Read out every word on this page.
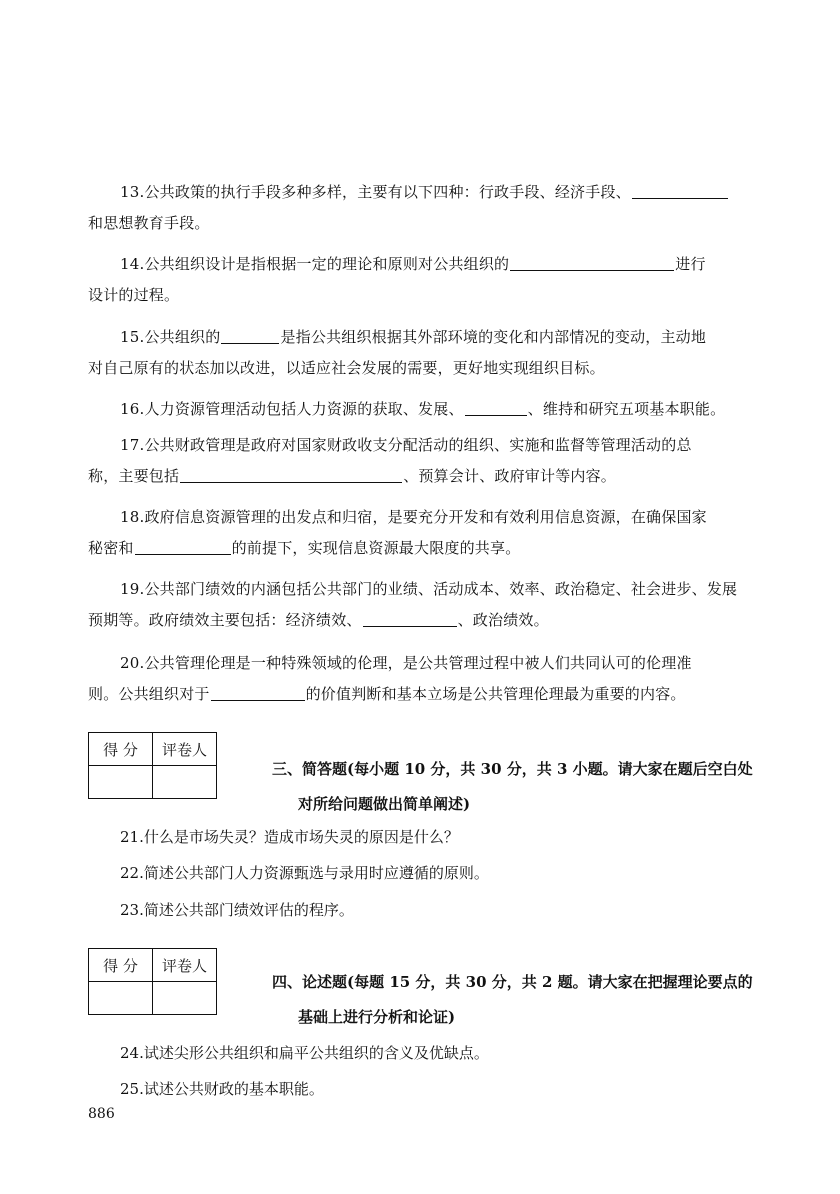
13.公共政策的执行手段多种多样，主要有以下四种：行政手段、经济手段、
和思想教育手段。
14.公共组织设计是指根据一定的理论和原则对公共组织的	进行
设计的过程。
15.公共组织的	是指公共组织根据其外部环境的变化和内部情况的变动，主动地
对自己原有的状态加以改进，以适应社会发展的需要，更好地实现组织目标。
16.人力资源管理活动包括人力资源的获取、发展、	、维持和研究五项基本职能。
17.公共财政管理是政府对国家财政收支分配活动的组织、实施和监督等管理活动的总
称，主要包括	、预算会计、政府审计等内容。
18.政府信息资源管理的出发点和归宿，是要充分开发和有效利用信息资源，在确保国家
秘密和	的前提下，实现信息资源最大限度的共享。
19.公共部门绩效的内涵包括公共部门的业绩、活动成本、效率、政治稳定、社会进步、发展
预期等。政府绩效主要包括：经济绩效、	、政治绩效。
20.公共管理伦理是一种特殊领域的伦理，是公共管理过程中被人们共同认可的伦理准
则。公共组织对于	的价值判断和基本立场是公共管理伦理最为重要的内容。
得 分	评卷人

三、简答题(每小题 10 分，共 30 分，共 3 小题。请大家在题后空白处
对所给问题做出简单阐述)

21.什么是市场失灵？造成市场失灵的原因是什么？

22.简述公共部门人力资源甄选与录用时应遵循的原则。

23.简述公共部门绩效评估的程序。

得 分	评卷人

四、论述题(每题 15 分，共 30 分，共 2 题。请大家在把握理论要点的
基础上进行分析和论证)

24.试述尖形公共组织和扁平公共组织的含义及优缺点。

25.试述公共财政的基本职能。

886
